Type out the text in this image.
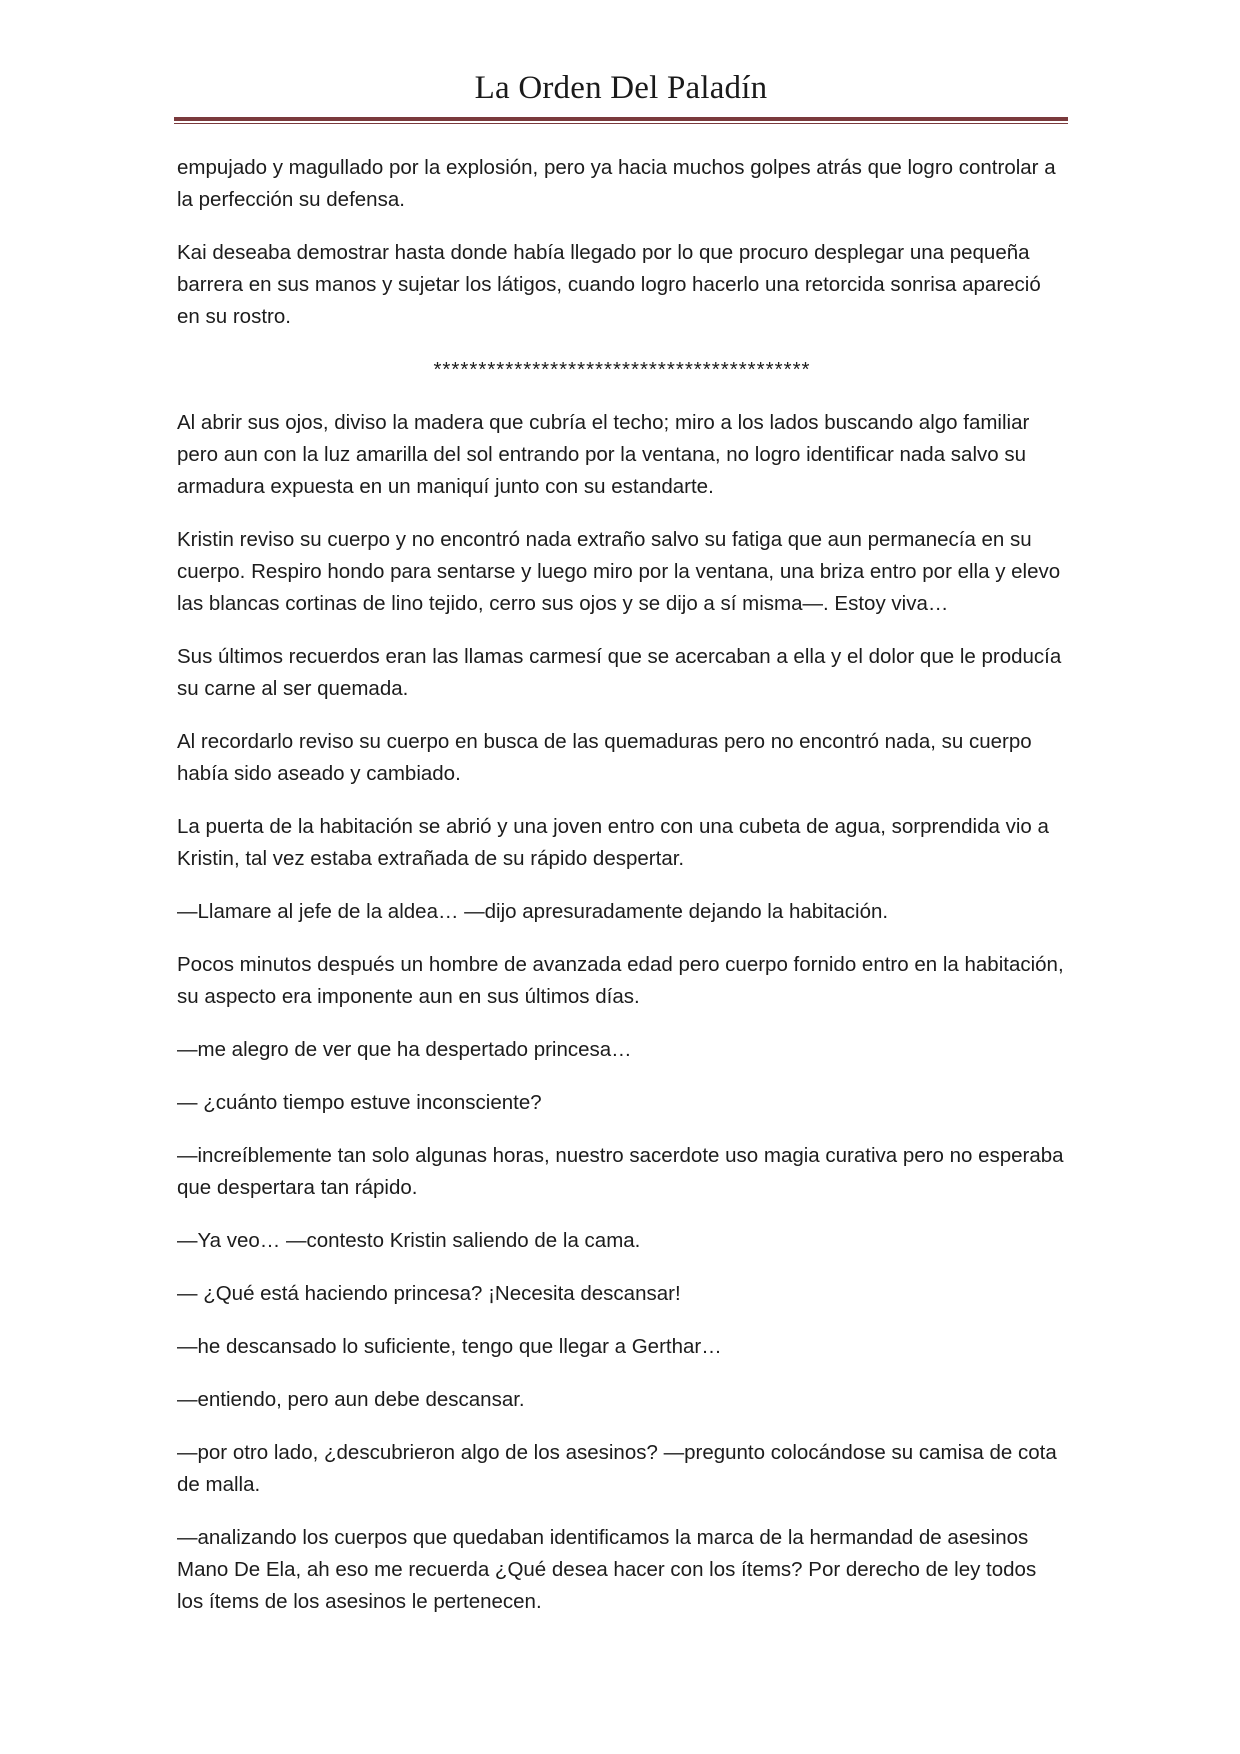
La Orden Del Paladín

empujado y magullado por la explosión, pero ya hacia muchos golpes atrás que logro controlar a la perfección su defensa.

Kai deseaba demostrar hasta donde había llegado por lo que procuro desplegar una pequeña barrera en sus manos y sujetar los látigos, cuando logro hacerlo una retorcida sonrisa apareció en su rostro.

******************************************

Al abrir sus ojos, diviso la madera que cubría el techo; miro a los lados buscando algo familiar pero aun con la luz amarilla del sol entrando por la ventana, no logro identificar nada salvo su armadura expuesta en un maniquí junto con su estandarte.

Kristin reviso su cuerpo y no encontró nada extraño salvo su fatiga que aun permanecía en su cuerpo. Respiro hondo para sentarse y luego miro por la ventana, una briza entro por ella y elevo las blancas cortinas de lino tejido, cerro sus ojos y se dijo a sí misma—. Estoy viva…

Sus últimos recuerdos eran las llamas carmesí que se acercaban a ella y el dolor que le producía su carne al ser quemada.

Al recordarlo reviso su cuerpo en busca de las quemaduras pero no encontró nada, su cuerpo había sido aseado y cambiado.

La puerta de la habitación se abrió y una joven entro con una cubeta de agua, sorprendida vio a Kristin, tal vez estaba extrañada de su rápido despertar.

—Llamare al jefe de la aldea… —dijo apresuradamente dejando la habitación.

Pocos minutos después un hombre de avanzada edad pero cuerpo fornido entro en la habitación, su aspecto era imponente aun en sus últimos días.

—me alegro de ver que ha despertado princesa…

— ¿cuánto tiempo estuve inconsciente?

—increíblemente tan solo algunas horas, nuestro sacerdote uso magia curativa pero no esperaba que despertara tan rápido.

—Ya veo… —contesto Kristin saliendo de la cama.

— ¿Qué está haciendo princesa? ¡Necesita descansar!

—he descansado lo suficiente, tengo que llegar a Gerthar…

—entiendo, pero aun debe descansar.

—por otro lado, ¿descubrieron algo de los asesinos? —pregunto colocándose su camisa de cota de malla.

—analizando los cuerpos que quedaban identificamos la marca de la hermandad de asesinos Mano De Ela, ah eso me recuerda ¿Qué desea hacer con los ítems? Por derecho de ley todos los ítems de los asesinos le pertenecen.
